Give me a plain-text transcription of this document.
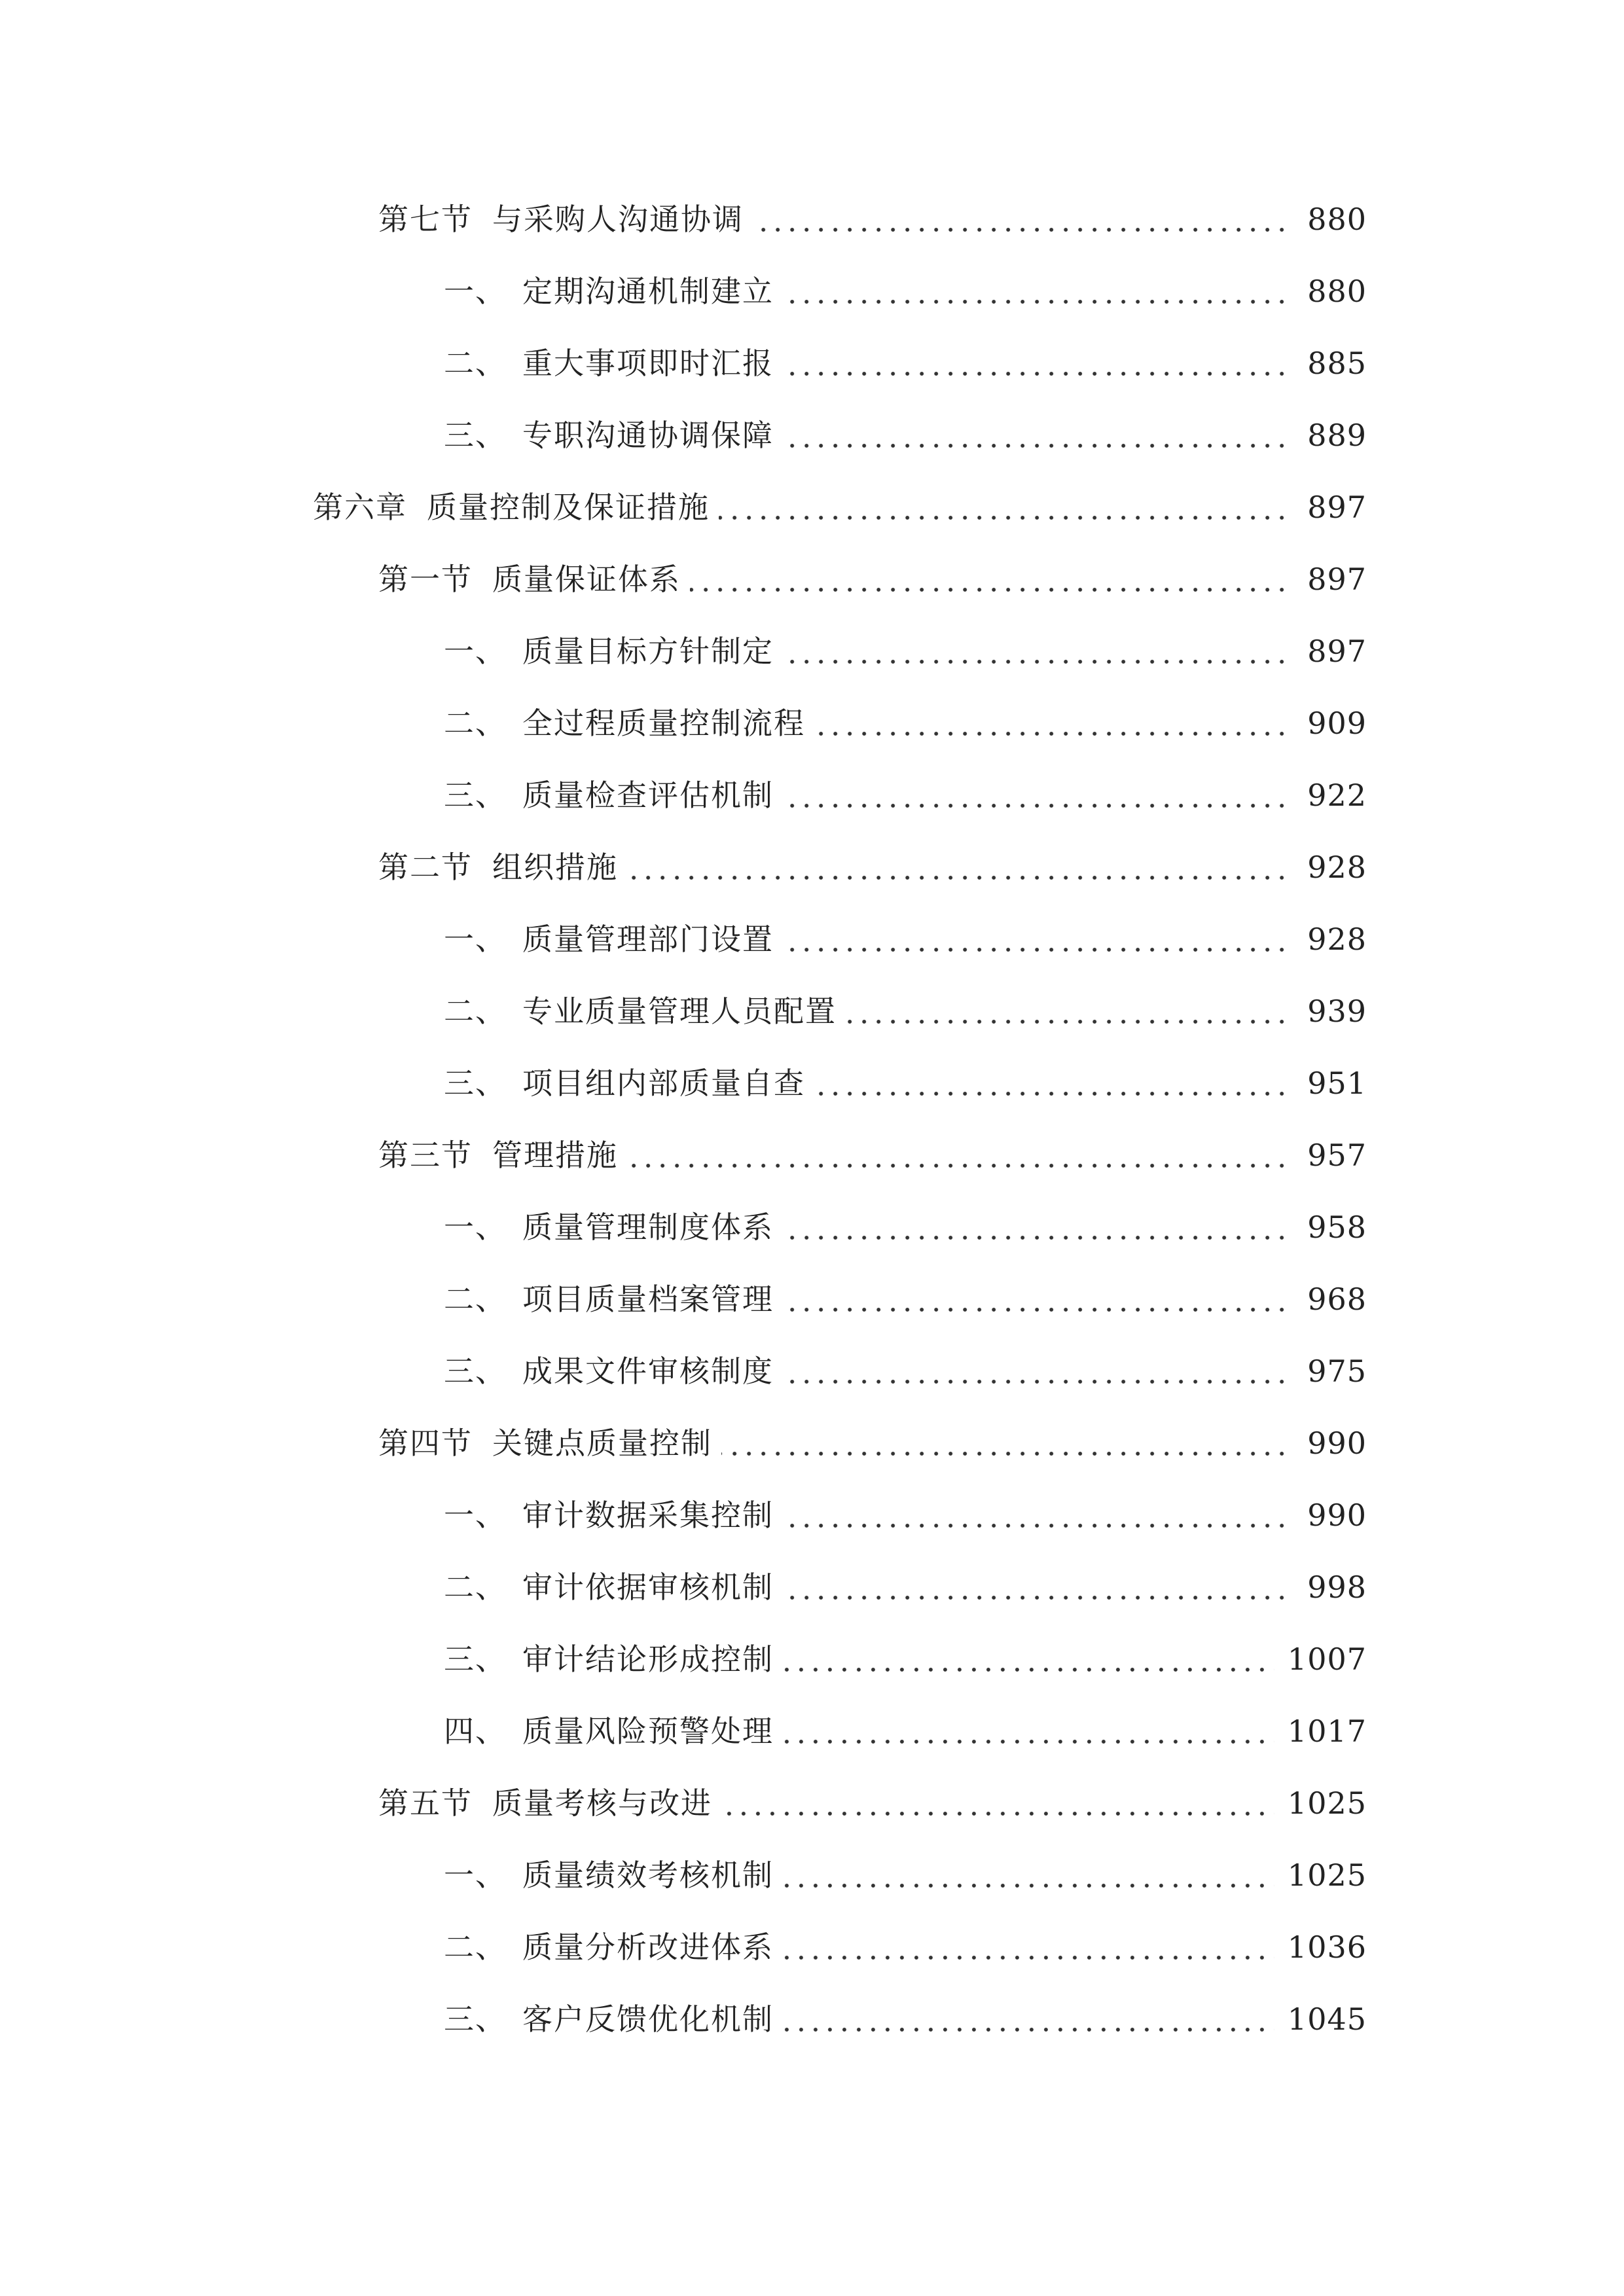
第七节 与采购人沟通协调	880
一、 定期沟通机制建立	880
二、 重大事项即时汇报	885
三、 专职沟通协调保障	889
第六章 质量控制及保证措施	897
第一节 质量保证体系	897
一、 质量目标方针制定	897
二、 全过程质量控制流程	909
三、 质量检查评估机制	922
第二节 组织措施	928
一、 质量管理部门设置	928
二、 专业质量管理人员配置	939
三、 项目组内部质量自查	951
第三节 管理措施	957
一、 质量管理制度体系	958
二、 项目质量档案管理	968
三、 成果文件审核制度	975
第四节 关键点质量控制	990
一、 审计数据采集控制	990
二、 审计依据审核机制	998
三、 审计结论形成控制	1007
四、 质量风险预警处理	1017
第五节 质量考核与改进	1025
一、 质量绩效考核机制	1025
二、 质量分析改进体系	1036
三、 客户反馈优化机制	1045
